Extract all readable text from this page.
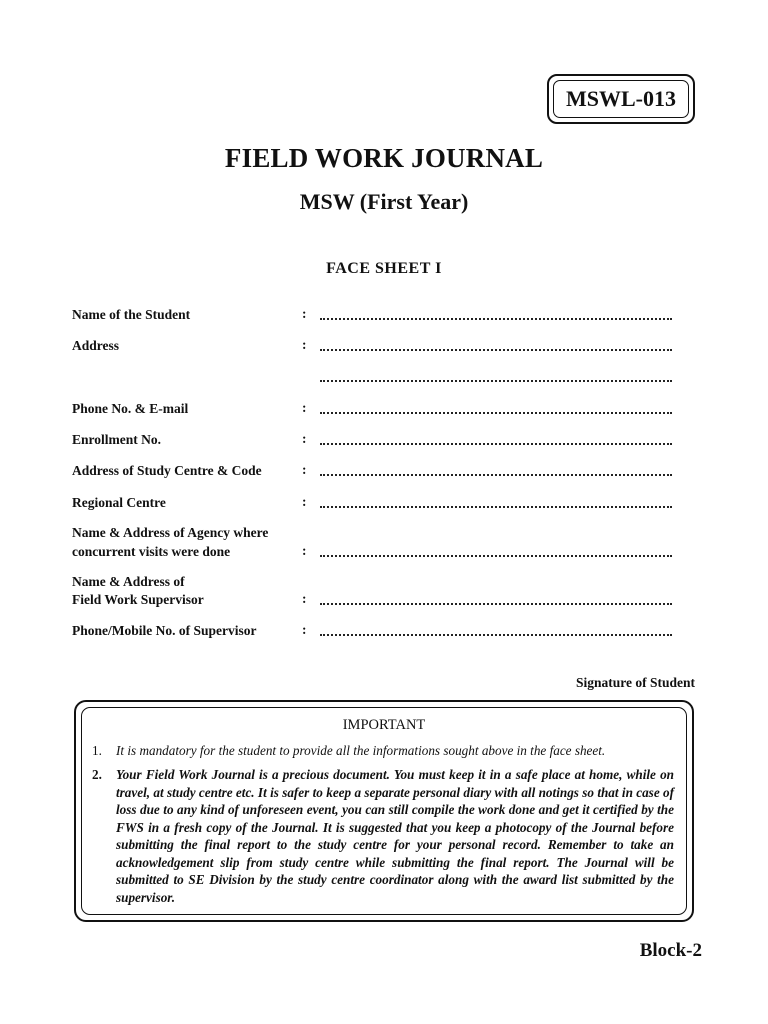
MSWL-013
FIELD WORK JOURNAL
MSW (First Year)
FACE SHEET I
Name of the Student	:
Address	:
Phone No. & E-mail	:
Enrollment No.	:
Address of Study Centre & Code	:
Regional Centre	:
Name & Address of Agency where
concurrent visits were done	:
Name & Address of
Field Work Supervisor	:
Phone/Mobile No. of Supervisor	:
Signature of Student
IMPORTANT
1. It is mandatory for the student to provide all the informations sought above in the face sheet.
2. Your Field Work Journal is a precious document. You must keep it in a safe place at home, while on travel, at study centre etc. It is safer to keep a separate personal diary with all notings so that in case of loss due to any kind of unforeseen event, you can still compile the work done and get it certified by the FWS in a fresh copy of the Journal. It is suggested that you keep a photocopy of the Journal before submitting the final report to the study centre for your personal record. Remember to take an acknowledgement slip from study centre while submitting the final report. The Journal will be submitted to SE Division by the study centre coordinator along with the award list submitted by the supervisor.
Block-2
